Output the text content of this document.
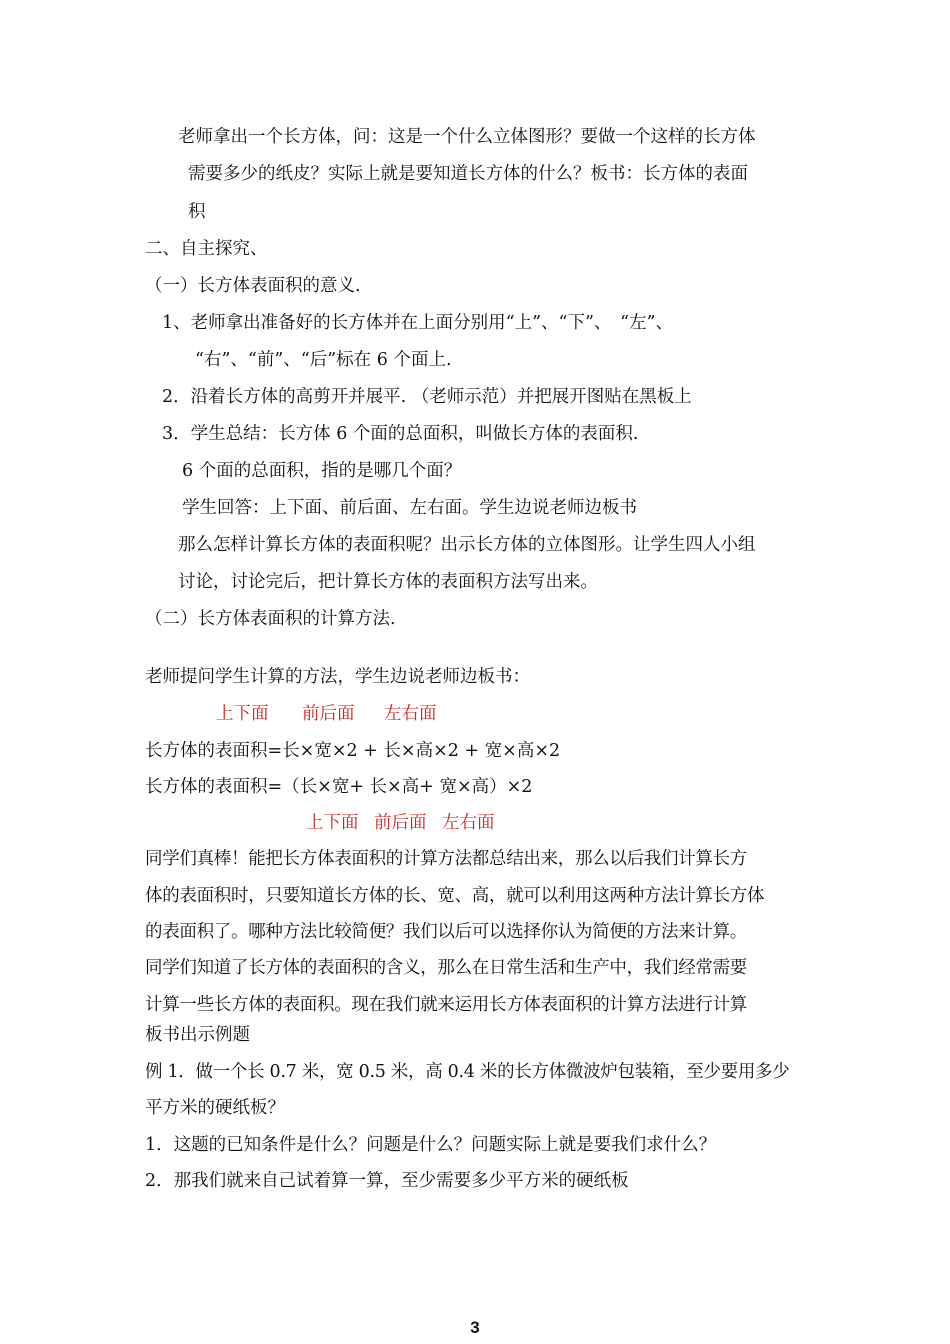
老师拿出一个长方体，问：这是一个什么立体图形？要做一个这样的长方体
需要多少的纸皮？实际上就是要知道长方体的什么？板书：长方体的表面
积
二、自主探究、
（一）长方体表面积的意义.
1、老师拿出准备好的长方体并在上面分别用“上”、“下”、　“左”、
“右”、“前”、“后”标在 6 个面上.
2．沿着长方体的高剪开并展平. （老师示范）并把展开图贴在黑板上
3．学生总结：长方体 6 个面的总面积，叫做长方体的表面积.
6 个面的总面积，指的是哪几个面？
学生回答：上下面、前后面、左右面。学生边说老师边板书
那么怎样计算长方体的表面积呢？出示长方体的立体图形。让学生四人小组
讨论，讨论完后，把计算长方体的表面积方法写出来。
（二）长方体表面积的计算方法.
老师提问学生计算的方法，学生边说老师边板书：
上下面 前后面 左右面
长方体的表面积=长×宽×2 + 长×高×2 + 宽×高×2
长方体的表面积=（长×宽+ 长×高+ 宽×高）×2
上下面 前后面 左右面
同学们真棒！能把长方体表面积的计算方法都总结出来，那么以后我们计算长方
体的表面积时，只要知道长方体的长、宽、高，就可以利用这两种方法计算长方体
的表面积了。哪种方法比较简便？我们以后可以选择你认为简便的方法来计算。
同学们知道了长方体的表面积的含义，那么在日常生活和生产中，我们经常需要
计算一些长方体的表面积。现在我们就来运用长方体表面积的计算方法进行计算
板书出示例题
例 1．做一个长 0.7 米，宽 0.5 米，高 0.4 米的长方体微波炉包装箱，至少要用多少
平方米的硬纸板？
1．这题的已知条件是什么？问题是什么？问题实际上就是要我们求什么？
2．那我们就来自己试着算一算，至少需要多少平方米的硬纸板
3
